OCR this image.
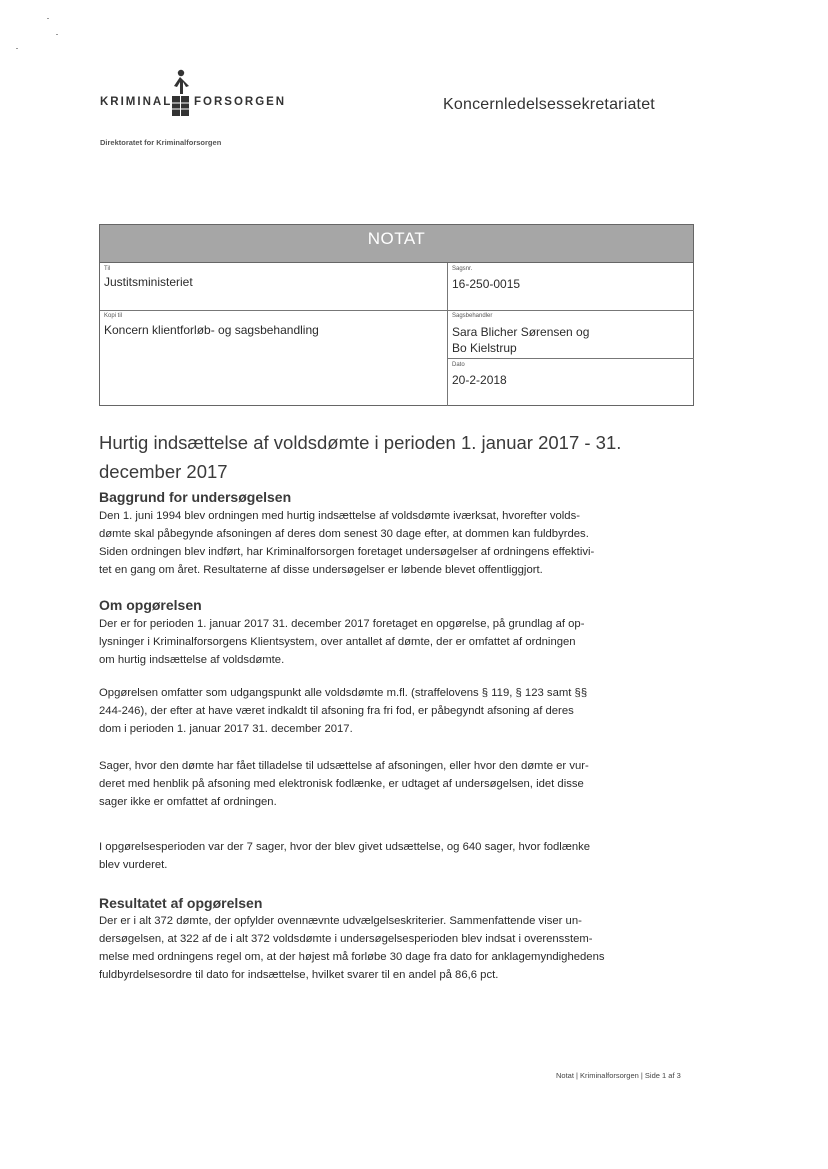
KRIMINAL FORSORGEN	Koncernledelsessekretariatet
Direktoratet for Kriminalforsorgen
NOTAT
Til
Justitsministeriet
Sagsnr.
16-250-0015
Kopi til
Koncern klientforløb- og sagsbehandling
Sagsbehandler
Sara Blicher Sørensen og
Bo Kielstrup
Dato
20-2-2018
Hurtig indsættelse af voldsdømte i perioden 1. januar 2017 - 31. december 2017
Baggrund for undersøgelsen
Den 1. juni 1994 blev ordningen med hurtig indsættelse af voldsdømte iværksat, hvorefter volds-
dømte skal påbegynde afsoningen af deres dom senest 30 dage efter, at dommen kan fuldbyrdes.
Siden ordningen blev indført, har Kriminalforsorgen foretaget undersøgelser af ordningens effektivi-
tet en gang om året. Resultaterne af disse undersøgelser er løbende blevet offentliggjort.
Om opgørelsen
Der er for perioden 1. januar 2017 31. december 2017 foretaget en opgørelse, på grundlag af op-
lysninger i Kriminalforsorgens Klientsystem, over antallet af dømte, der er omfattet af ordningen
om hurtig indsættelse af voldsdømte.
Opgørelsen omfatter som udgangspunkt alle voldsdømte m.fl. (straffelovens § 119, § 123 samt §§
244-246), der efter at have været indkaldt til afsoning fra fri fod, er påbegyndt afsoning af deres
dom i perioden 1. januar 2017 31. december 2017.
Sager, hvor den dømte har fået tilladelse til udsættelse af afsoningen, eller hvor den dømte er vur-
deret med henblik på afsoning med elektronisk fodlænke, er udtaget af undersøgelsen, idet disse
sager ikke er omfattet af ordningen.
I opgørelsesperioden var der 7 sager, hvor der blev givet udsættelse, og 640 sager, hvor fodlænke
blev vurderet.
Resultatet af opgørelsen
Der er i alt 372 dømte, der opfylder ovennævnte udvælgelseskriterier. Sammenfattende viser un-
dersøgelsen, at 322 af de i alt 372 voldsdømte i undersøgelsesperioden blev indsat i overensstem-
melse med ordningens regel om, at der højest må forløbe 30 dage fra dato for anklagemyndighedens
fuldbyrdelsesordre til dato for indsættelse, hvilket svarer til en andel på 86,6 pct.
Notat | Kriminalforsorgen | Side 1 af 3
